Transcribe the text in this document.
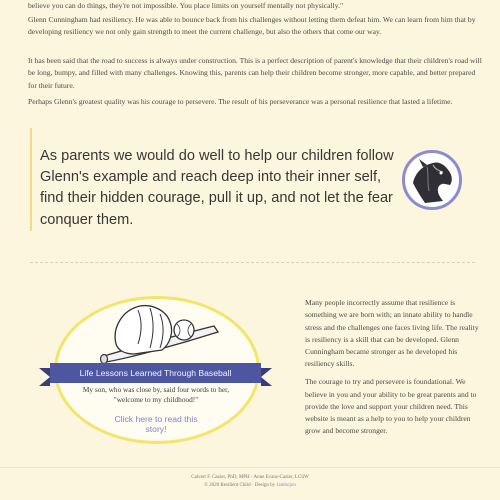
believe you can do things, they're not impossible. You place limits on yourself mentally not physically."

Glenn Cunningham had resiliency. He was able to bounce back from his challenges without letting them defeat him. We can learn from him that by developing resiliency we not only gain strength to meet the current challenge, but also the others that come our way.

It has been said that the road to success is always under construction. This is a perfect description of parent's knowledge that their children's road will be long, bumpy, and filled with many challenges. Knowing this, parents can help their children become stronger, more capable, and better prepared for their future.

Perhaps Glenn's greatest quality was his courage to persevere. The result of his perseverance was a personal resilience that lasted a lifetime.

As parents we would do well to help our children follow Glenn's example and reach deep into their inner self, find their hidden courage, pull it up, and not let the fear conquer them.
Life Lessons Learned Through Baseball
My son, who was close by, said four words to her, "welcome to my childhood!"
Click here to read this story!

Many people incorrectly assume that resilience is something we are born with; an innate ability to handle stress and the challenges one faces living life. The reality is resiliency is a skill that can be developed. Glenn Cunningham became stronger as he developed his resiliency skills.

The courage to try and persevere is foundational. We believe in you and your ability to be great parents and to provide the love and support your children need. This website is meant as a help to you to help your children grow and become stronger.

Calvert F. Cazier, PhD, MPH · Anne Evans-Cazier, LCSW
© 2020 Resilient Child · Design by Jambojon
